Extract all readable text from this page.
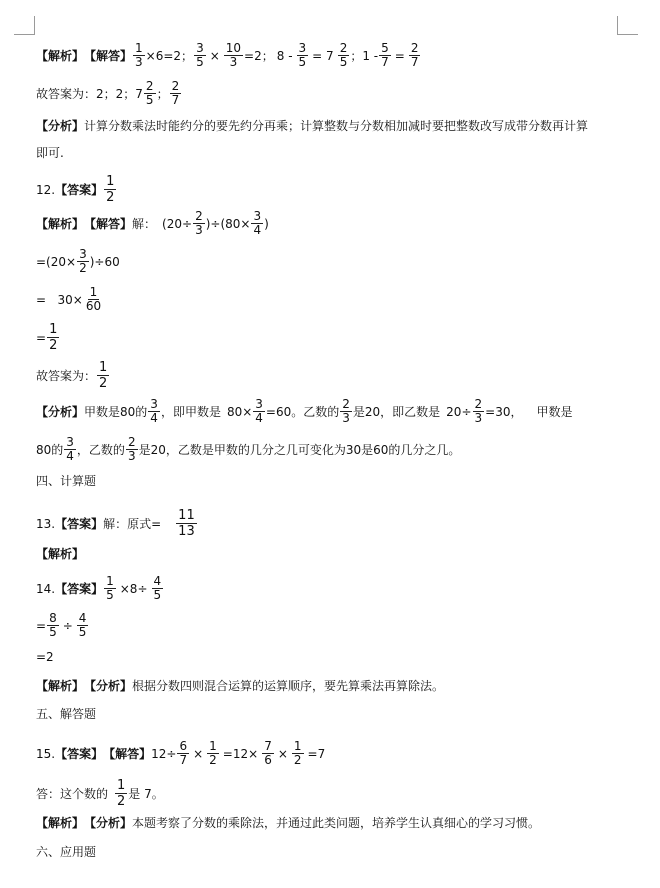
【解析】 【解答】 $\frac{1}{3} \times 6=2$； $\frac{3}{5} \times \frac{10}{3} =2$； $8 - \frac{3}{5} = 7 \frac{2}{5}$ ；$1 - \frac{5}{7} = \frac{2}{7}$
故答案为： 2；2；$7 \frac{2}{5}$ ； $\frac{2}{7}$
【分析】 计算分数乘法时能约分的要先约分再乘；计算整数与分数相加减时要把整数改写成带分数再计算
即可.
12. 【答案】 $\frac{1}{2}$
【解析】 【解答】 解： $(20\div \frac{2}{3} )\div(80\times \frac{3}{4}$ )
$=(20\times \frac{3}{2} )\div 60$
=   $30\times \frac{1}{60}$
= $\frac{1}{2}$
故答案为： $\frac{1}{2}$
【分析】 甲数是80的 $\frac{3}{4}$ ，即甲数是 $80\times \frac{3}{4} =60$。乙数的 $\frac{2}{3}$ 是20，即乙数是 $20\div \frac{2}{3} =30$， 甲数是
80的 $\frac{3}{4}$ ，乙数的 $\frac{2}{3}$ 是20，乙数是甲数的几分之几可变化为30是60的几分之几。
四、计算题
13. 【答案】 解：原式= $\frac{11}{13}$
【解析】
14. 【答案】 $\frac{1}{5} \times 8\div \frac{4}{5}$
= $\frac{8}{5} \div \frac{4}{5}$
=2
【解析】 【分析】 根据分数四则混合运算的运算顺序，要先算乘法再算除法。
五、解答题
15. 【答案】 【解答】 $12\div \frac{6}{7} \times \frac{1}{2} =12\times \frac{7}{6} \times \frac{1}{2} =7$
答：这个数的 $\frac{1}{2}$ 是 7。
【解析】 【分析】 本题考察了分数的乘除法，并通过此类问题，培养学生认真细心的学习习惯。
六、应用题
